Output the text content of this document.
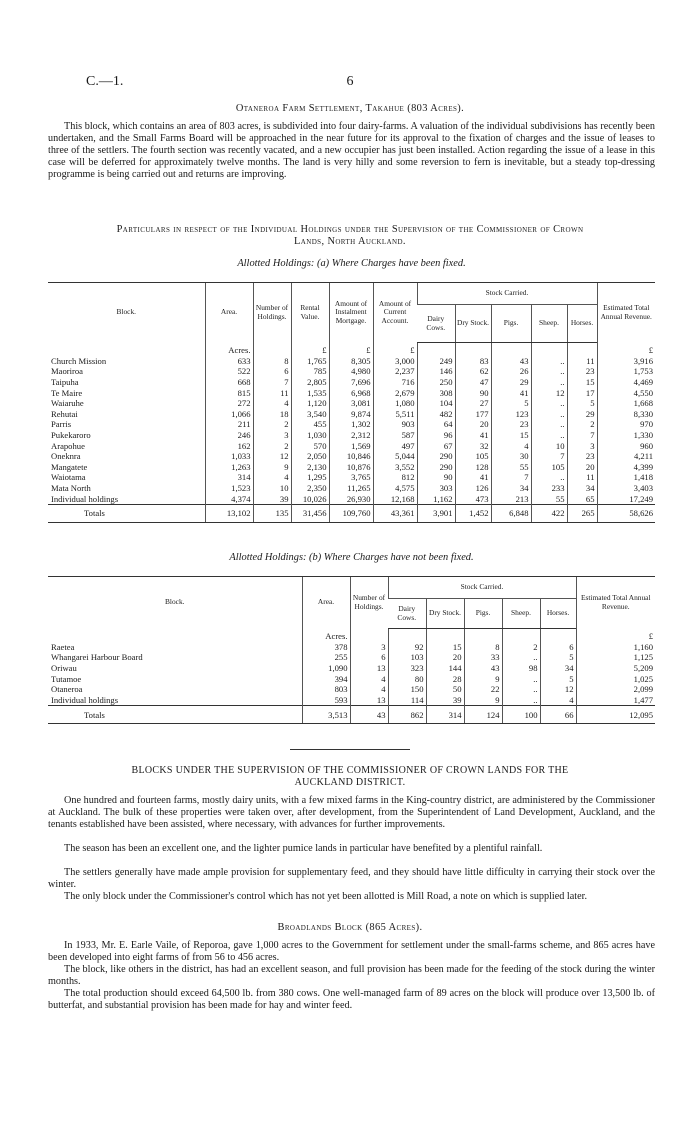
C.—1.	6
Otaneroa Farm Settlement, Takahue (803 Acres).
This block, which contains an area of 803 acres, is subdivided into four dairy-farms. A valuation of the individual subdivisions has recently been undertaken, and the Small Farms Board will be approached in the near future for its approval to the fixation of charges and the issue of leases to three of the settlers. The fourth section was recently vacated, and a new occupier has just been installed. Action regarding the issue of a lease in this case will be deferred for approximately twelve months. The land is very hilly and some reversion to fern is inevitable, but a steady top-dressing programme is being carried out and returns are improving.
Particulars in respect of the Individual Holdings under the Supervision of the Commissioner of Crown Lands, North Auckland.
Allotted Holdings: (a) Where Charges have been fixed.
Block.	Area.	Number of Holdings.	Rental Value.	Amount of Instalment Mortgage.	Amount of Current Account.	Stock Carried.					Estimated Total Annual Revenue.
						Dairy Cows.	Dry Stock.	Pigs.	Sheep.	Horses.	
	Acres.		£	£	£						£
Church Mission	633	8	1,765	8,305	3,000	249	83	43	..	11	3,916
Maoriroa	522	6	785	4,980	2,237	146	62	26	..	23	1,753
Taipuha	668	7	2,805	7,696	716	250	47	29	..	15	4,469
Te Maire	815	11	1,535	6,968	2,679	308	90	41	12	17	4,550
Waiaruhe	272	4	1,120	3,081	1,080	104	27	5	..	5	1,668
Rehutai	1,066	18	3,540	9,874	5,511	482	177	123	..	29	8,330
Parris	211	2	455	1,302	903	64	20	23	..	2	970
Pukekaroro	246	3	1,030	2,312	587	96	41	15	..	7	1,330
Arapohue	162	2	570	1,569	497	67	32	4	10	3	960
Oneknra	1,033	12	2,050	10,846	5,044	290	105	30	7	23	4,211
Mangatete	1,263	9	2,130	10,876	3,552	290	128	55	105	20	4,399
Waiotama	314	4	1,295	3,765	812	90	41	7	..	11	1,418
Mata North	1,523	10	2,350	11,265	4,575	303	126	34	233	34	3,403
Individual holdings	4,374	39	10,026	26,930	12,168	1,162	473	213	55	65	17,249
Totals	13,102	135	31,456	109,760	43,361	3,901	1,452	6,848	422	265	58,626
Allotted Holdings: (b) Where Charges have not been fixed.
Block.	Area.	Number of Holdings.	Stock Carried.					Estimated Total Annual Revenue.
			Dairy Cows.	Dry Stock.	Pigs.	Sheep.	Horses.	
	Acres.							£
Raetea	378	3	92	15	8	2	6	1,160
Whangarei Harbour Board	255	6	103	20	33	..	5	1,125
Oriwau	1,090	13	323	144	43	98	34	5,209
Tutamoe	394	4	80	28	9	..	5	1,025
Otaneroa	803	4	150	50	22	..	12	2,099
Individual holdings	593	13	114	39	9	..	4	1,477
Totals	3,513	43	862	314	124	100	66	12,095
BLOCKS UNDER THE SUPERVISION OF THE COMMISSIONER OF CROWN LANDS FOR THE AUCKLAND DISTRICT.
One hundred and fourteen farms, mostly dairy units, with a few mixed farms in the King-country district, are administered by the Commissioner at Auckland. The bulk of these properties were taken over, after development, from the Superintendent of Land Development, Auckland, and the tenants established have been assisted, where necessary, with advances for further improvements.
The season has been an excellent one, and the lighter pumice lands in particular have benefited by a plentiful rainfall.
The settlers generally have made ample provision for supplementary feed, and they should have little difficulty in carrying their stock over the winter.
The only block under the Commissioner's control which has not yet been allotted is Mill Road, a note on which is supplied later.
Broadlands Block (865 Acres).
In 1933, Mr. E. Earle Vaile, of Reporoa, gave 1,000 acres to the Government for settlement under the small-farms scheme, and 865 acres have been developed into eight farms of from 56 to 456 acres.
The block, like others in the district, has had an excellent season, and full provision has been made for the feeding of the stock during the winter months.
The total production should exceed 64,500 lb. from 380 cows. One well-managed farm of 89 acres on the block will produce over 13,500 lb. of butterfat, and substantial provision has been made for hay and winter feed.
